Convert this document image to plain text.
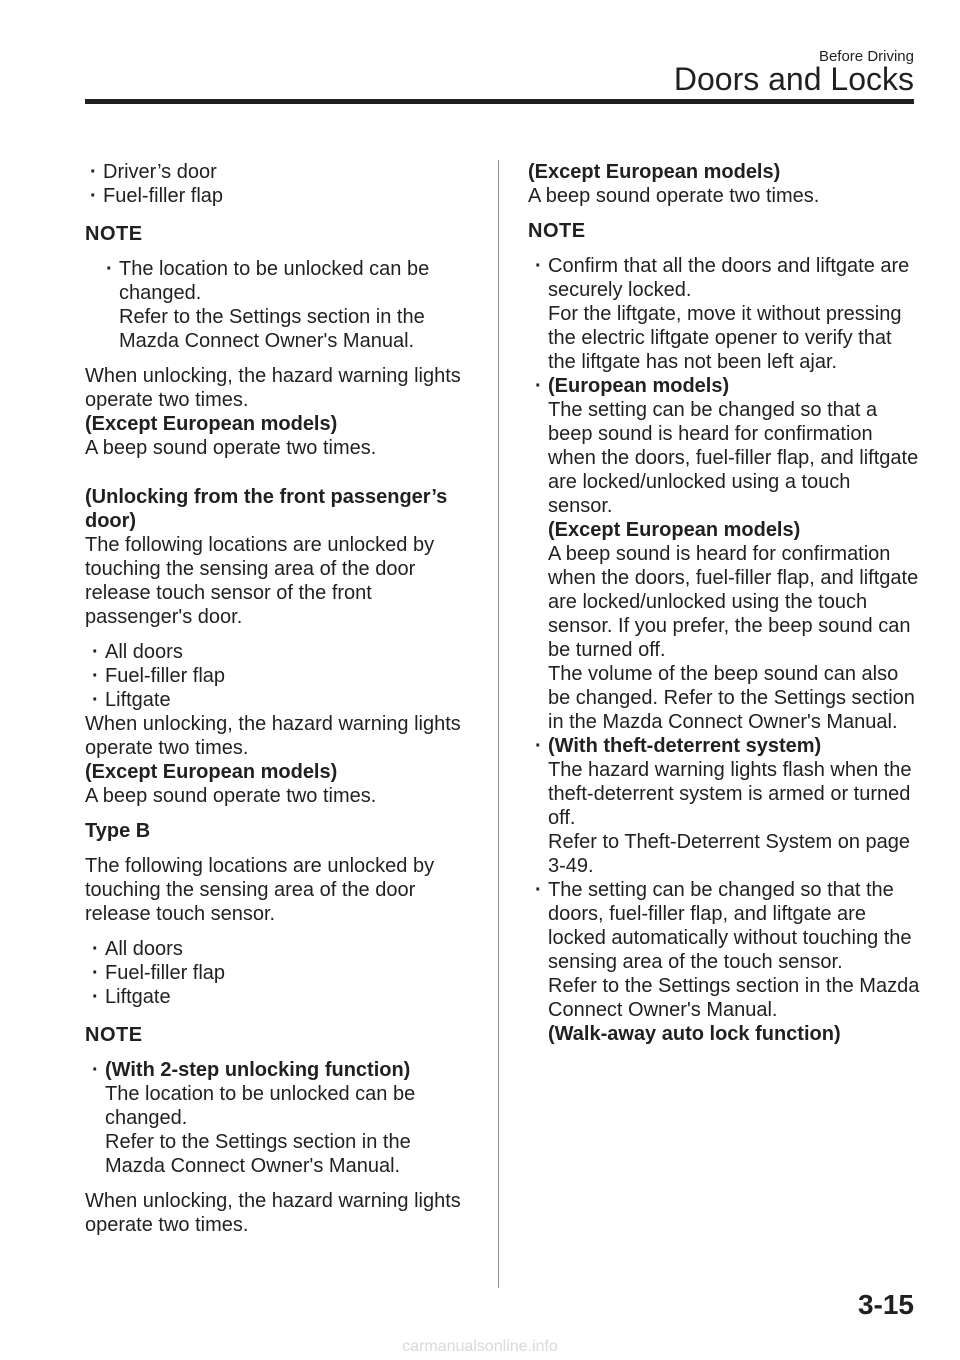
Before Driving

Doors and Locks
· Driver’s door
· Fuel-filler flap

NOTE

· The location to be unlocked can be changed.
Refer to the Settings section in the Mazda Connect Owner's Manual.

When unlocking, the hazard warning lights operate two times.

(Except European models)

A beep sound operate two times.

(Unlocking from the front passenger’s door)

The following locations are unlocked by touching the sensing area of the door release touch sensor of the front passenger's door.

· All doors
· Fuel-filler flap
· Liftgate

When unlocking, the hazard warning lights operate two times.

(Except European models)

A beep sound operate two times.

Type B

The following locations are unlocked by touching the sensing area of the door release touch sensor.

· All doors
· Fuel-filler flap
· Liftgate

NOTE

· (With 2-step unlocking function)
The location to be unlocked can be changed.
Refer to the Settings section in the Mazda Connect Owner's Manual.

When unlocking, the hazard warning lights operate two times.

(Except European models)

A beep sound operate two times.

NOTE

· Confirm that all the doors and liftgate are securely locked.
For the liftgate, move it without pressing the electric liftgate opener to verify that the liftgate has not been left ajar.
· (European models)
The setting can be changed so that a beep sound is heard for confirmation when the doors, fuel-filler flap, and liftgate are locked/unlocked using a touch sensor.
(Except European models)
A beep sound is heard for confirmation when the doors, fuel-filler flap, and liftgate are locked/unlocked using the touch sensor. If you prefer, the beep sound can be turned off.
The volume of the beep sound can also be changed. Refer to the Settings section in the Mazda Connect Owner's Manual.
· (With theft-deterrent system)
The hazard warning lights flash when the theft-deterrent system is armed or turned off.
Refer to Theft-Deterrent System on page 3-49.
· The setting can be changed so that the doors, fuel-filler flap, and liftgate are locked automatically without touching the sensing area of the touch sensor.
Refer to the Settings section in the Mazda Connect Owner's Manual.
(Walk-away auto lock function)

3-15

carmanualsonline.info
